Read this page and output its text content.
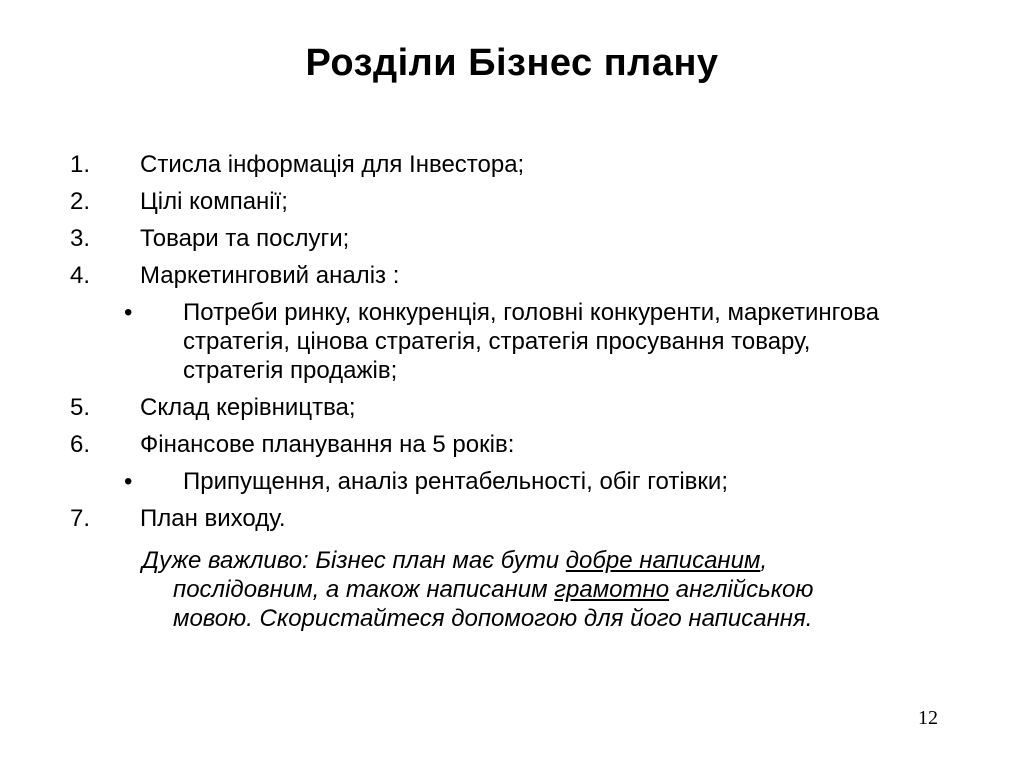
Розділи Бізнес плану
1. Стисла інформація для Інвестора;
2. Цілі компанії;
3. Товари та послуги;
4. Маркетинговий аналіз :
• Потреби ринку, конкуренція, головні конкуренти, маркетингова стратегія, цінова стратегія, стратегія просування товару, стратегія продажів;
5. Склад керівництва;
6. Фінансове планування на 5 років:
• Припущення, аналіз рентабельності, обіг готівки;
7. План виходу.
Дуже важливо: Бізнес план має бути добре написаним,
послідовним, а також написаним грамотно англійською
мовою. Скористайтеся допомогою для його написання.
12
